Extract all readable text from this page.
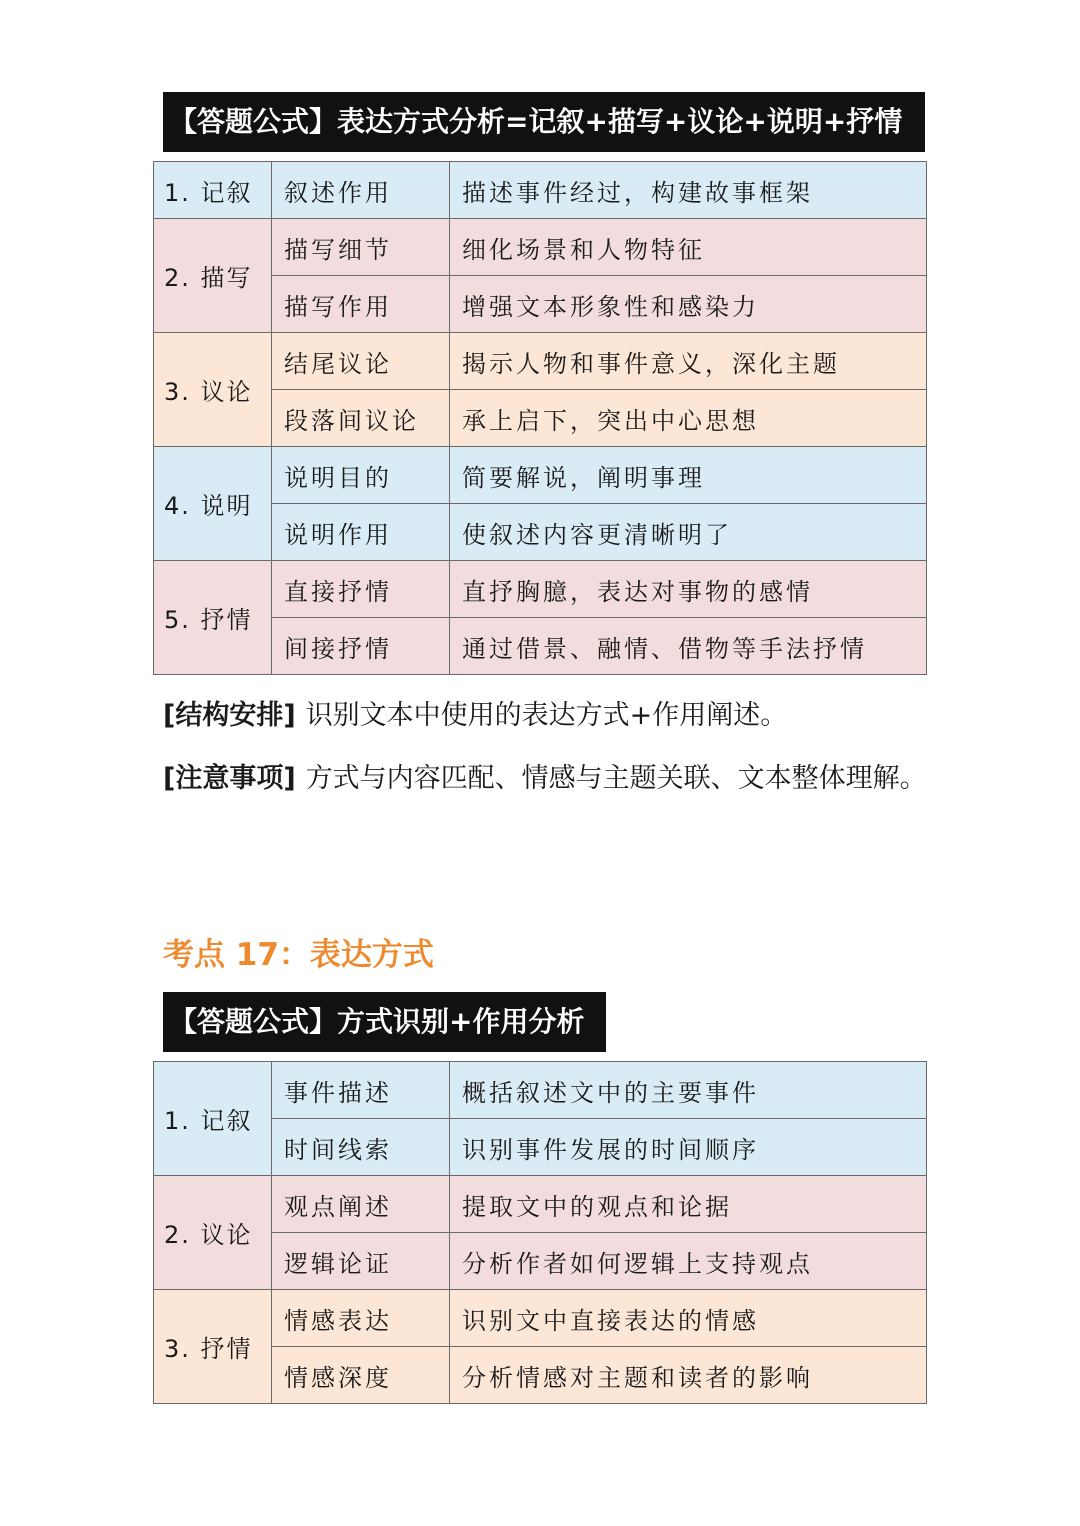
【答题公式】表达方式分析=记叙+描写+议论+说明+抒情
1. 记叙	叙述作用	描述事件经过，构建故事框架
2. 描写	描写细节	细化场景和人物特征
	描写作用	增强文本形象性和感染力
3. 议论	结尾议论	揭示人物和事件意义，深化主题
	段落间议论	承上启下，突出中心思想
4. 说明	说明目的	简要解说，阐明事理
	说明作用	使叙述内容更清晰明了
5. 抒情	直接抒情	直抒胸臆，表达对事物的感情
	间接抒情	通过借景、融情、借物等手法抒情
[结构安排] 识别文本中使用的表达方式+作用阐述。
[注意事项] 方式与内容匹配、情感与主题关联、文本整体理解。
考点 17：表达方式
【答题公式】方式识别+作用分析
1. 记叙	事件描述	概括叙述文中的主要事件
	时间线索	识别事件发展的时间顺序
2. 议论	观点阐述	提取文中的观点和论据
	逻辑论证	分析作者如何逻辑上支持观点
3. 抒情	情感表达	识别文中直接表达的情感
	情感深度	分析情感对主题和读者的影响
